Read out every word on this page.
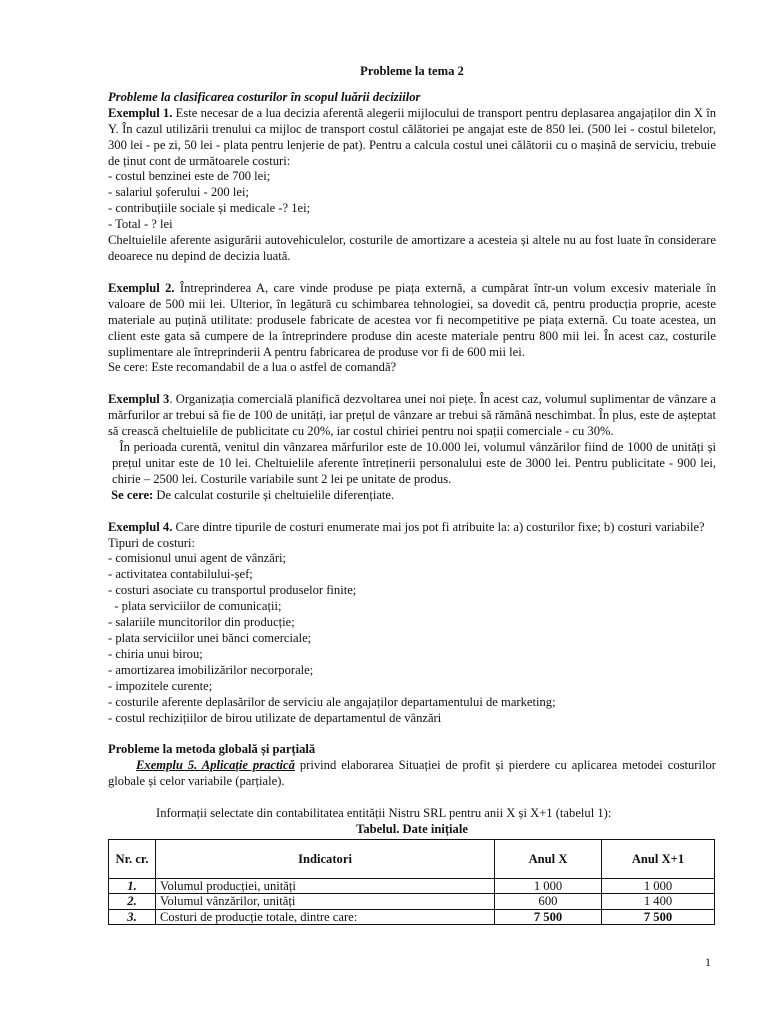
Probleme la tema 2

Probleme la clasificarea costurilor în scopul luării deciziilor

Exemplul 1. Este necesar de a lua decizia aferentă alegerii mijlocului de transport pentru deplasarea angajaților din X în Y. În cazul utilizării trenului ca mijloc de transport costul călătoriei pe angajat este de 850 lei. (500 lei - costul biletelor, 300 lei - pe zi, 50 lei - plata pentru lenjerie de pat). Pentru a calcula costul unei călătorii cu o mașină de serviciu, trebuie de ținut cont de următoarele costuri:

- costul benzinei este de 700 lei;
- salariul șoferului - 200 lei;
- contribuțiile sociale și medicale -? 1ei;
- Total - ? lei

Cheltuielile aferente asigurării autovehiculelor, costurile de amortizare a acesteia și altele nu au fost luate în considerare deoarece nu depind de decizia luată.

Exemplul 2. Întreprinderea A, care vinde produse pe piața externă, a cumpărat într-un volum excesiv materiale în valoare de 500 mii lei. Ulterior, în legătură cu schimbarea tehnologiei, sa dovedit că, pentru producția proprie, aceste materiale au puțină utilitate: produsele fabricate de acestea vor fi necompetitive pe piața externă. Cu toate acestea, un client este gata să cumpere de la întreprindere produse din aceste materiale pentru 800 mii lei. În acest caz, costurile suplimentare ale întreprinderii A pentru fabricarea de produse vor fi de 600 mii lei.

Se cere: Este recomandabil de a lua o astfel de comandă?

Exemplul 3. Organizația comercială planifică dezvoltarea unei noi piețe. În acest caz, volumul suplimentar de vânzare a mărfurilor ar trebui să fie de 100 de unități, iar prețul de vânzare ar trebui să rămână neschimbat. În plus, este de așteptat să crească cheltuielile de publicitate cu 20%, iar costul chiriei pentru noi spații comerciale - cu 30%.

În perioada curentă, venitul din vânzarea mărfurilor este de 10.000 lei, volumul vânzărilor fiind de 1000 de unități și prețul unitar este de 10 lei. Cheltuielile aferente întreținerii personalului este de 3000 lei. Pentru publicitate - 900 lei, chirie – 2500 lei. Costurile variabile sunt 2 lei pe unitate de produs.

Se cere: De calculat costurile și cheltuielile diferențiate.

Exemplul 4. Care dintre tipurile de costuri enumerate mai jos pot fi atribuite la: a) costurilor fixe; b) costuri variabile?

Tipuri de costuri:

- comisionul unui agent de vânzări;
- activitatea contabilului-șef;
- costuri asociate cu transportul produselor finite;
- plata serviciilor de comunicații;
- salariile muncitorilor din producție;
- plata serviciilor unei bănci comerciale;
- chiria unui birou;
- amortizarea imobilizărilor necorporale;
- impozitele curente;
- costurile aferente deplasărilor de serviciu ale angajaților departamentului de marketing;
- costul rechizițiilor de birou utilizate de departamentul de vânzări

Probleme la metoda globală și parțială

Exemplu 5. Aplicație practică privind elaborarea Situației de profit și pierdere cu aplicarea metodei costurilor globale și celor variabile (parțiale).

Informații selectate din contabilitatea entității Nistru SRL pentru anii X și X+1 (tabelul 1):

Tabelul. Date inițiale
Nr. cr.	Indicatori	Anul X	Anul X+1
1.	Volumul producției, unități	1 000	1 000
2.	Volumul vânzărilor, unități	600	1 400
3.	Costuri de producție totale, dintre care:	7 500	7 500
1
